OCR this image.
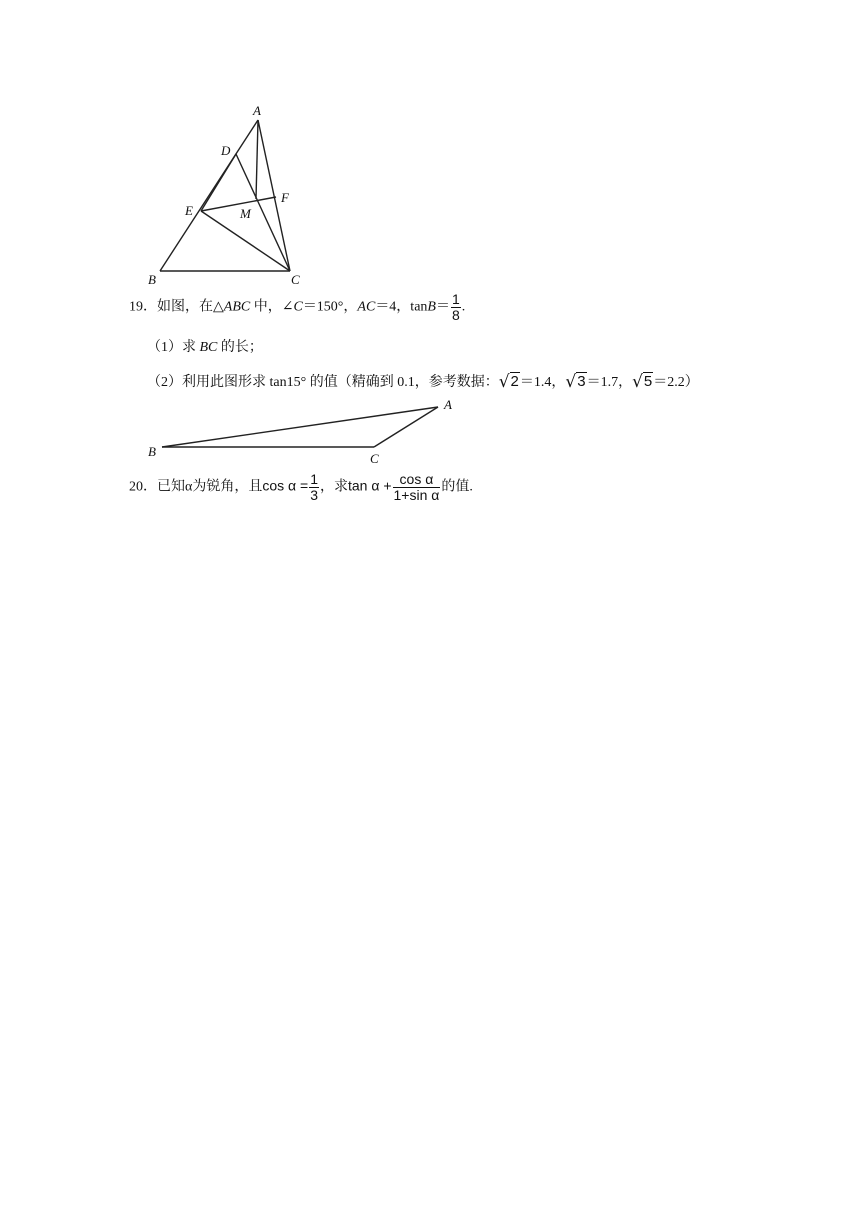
A
D
E
F
M
B	C
19．如图，在△ABC 中，∠C＝150°，AC＝4，$\tan B= \frac{1}{8}$ .
（1）求 BC 的长；
（2）利用此图形求 tan15° 的值（精确到 0.1，参考数据：√2＝1.4，√3＝1.7，√5＝2.2）
B	C
A
20．已知α为锐角，且$\cos \alpha = \frac{1}{3}$ ，求$\tan \alpha + \frac{\text{cos α}}{\text{1+sin α}}$ 的值.
